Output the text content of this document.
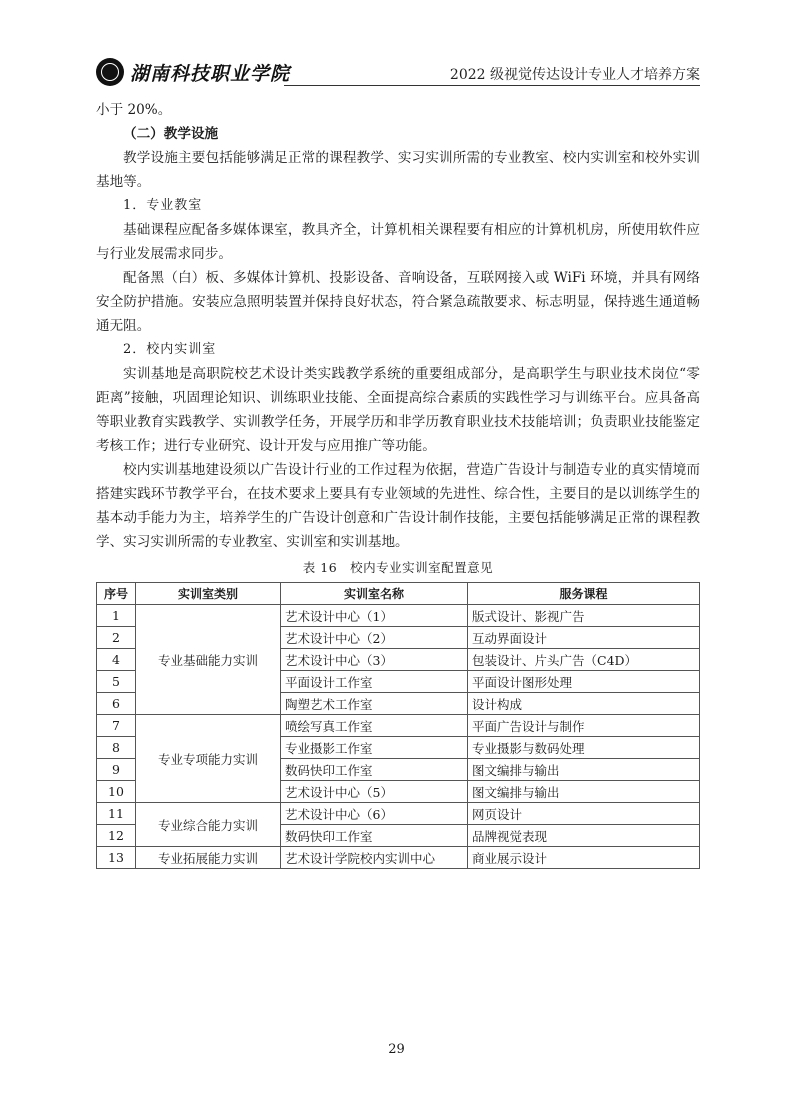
湖南科技职业学院	2022 级视觉传达设计专业人才培养方案

小于 20%。

（二）教学设施

教学设施主要包括能够满足正常的课程教学、实习实训所需的专业教室、校内实训室和校外实训基地等。

1．专业教室

基础课程应配备多媒体课室，教具齐全，计算机相关课程要有相应的计算机机房，所使用软件应与行业发展需求同步。

配备黑（白）板、多媒体计算机、投影设备、音响设备，互联网接入或 WiFi 环境，并具有网络安全防护措施。安装应急照明装置并保持良好状态，符合紧急疏散要求、标志明显，保持逃生通道畅通无阻。

2．校内实训室

实训基地是高职院校艺术设计类实践教学系统的重要组成部分，是高职学生与职业技术岗位“零距离”接触，巩固理论知识、训练职业技能、全面提高综合素质的实践性学习与训练平台。应具备高等职业教育实践教学、实训教学任务，开展学历和非学历教育职业技术技能培训；负责职业技能鉴定考核工作；进行专业研究、设计开发与应用推广等功能。

校内实训基地建设须以广告设计行业的工作过程为依据，营造广告设计与制造专业的真实情境而搭建实践环节教学平台，在技术要求上要具有专业领域的先进性、综合性，主要目的是以训练学生的基本动手能力为主，培养学生的广告设计创意和广告设计制作技能，主要包括能够满足正常的课程教学、实习实训所需的专业教室、实训室和实训基地。

表 16　校内专业实训室配置意见
序号	实训室类别	实训室名称	服务课程
1	专业基础能力实训	艺术设计中心（1）	版式设计、影视广告
2		艺术设计中心（2）	互动界面设计
4		艺术设计中心（3）	包装设计、片头广告（C4D）
5		平面设计工作室	平面设计图形处理
6		陶塑艺术工作室	设计构成
7	专业专项能力实训	喷绘写真工作室	平面广告设计与制作
8		专业摄影工作室	专业摄影与数码处理
9		数码快印工作室	图文编排与输出
10		艺术设计中心（5）	图文编排与输出
11	专业综合能力实训	艺术设计中心（6）	网页设计
12		数码快印工作室	品牌视觉表现
13	专业拓展能力实训	艺术设计学院校内实训中心	商业展示设计
29
